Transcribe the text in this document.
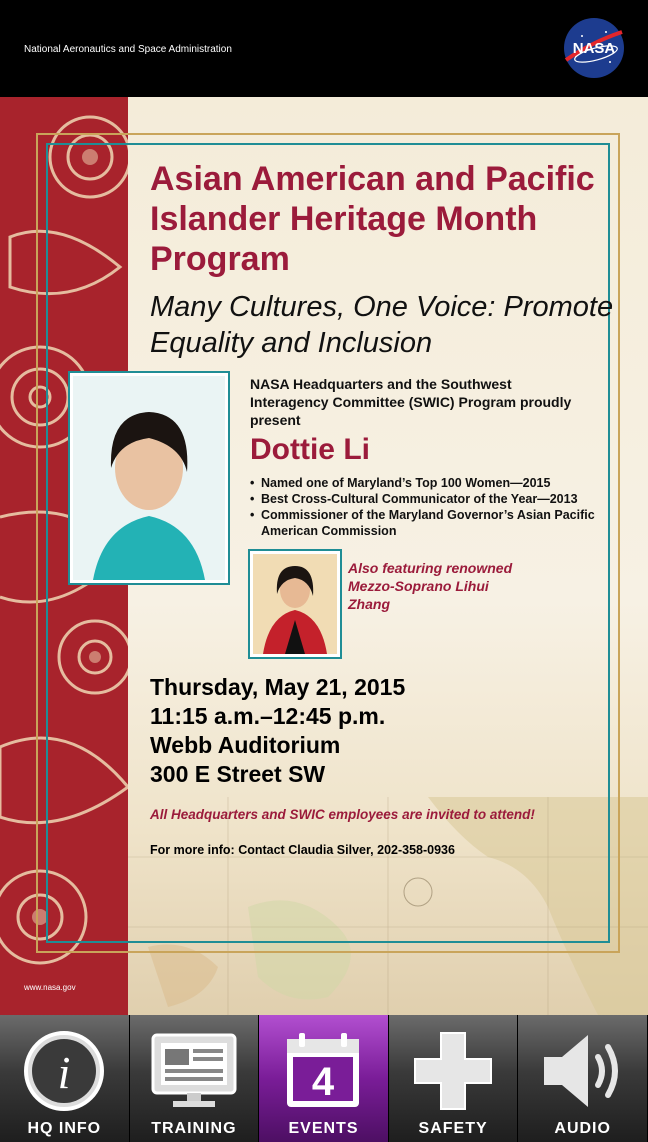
National Aeronautics and Space Administration	NASA
Asian American and Pacific Islander Heritage Month Program
Many Cultures, One Voice: Promote Equality and Inclusion
NASA Headquarters and the Southwest Interagency Committee (SWIC) Program proudly present
Dottie Li
• Named one of Maryland’s Top 100 Women—2015
• Best Cross-Cultural Communicator of the Year—2013
• Commissioner of the Maryland Governor’s Asian Pacific American Commission
Also featuring renowned Mezzo-Soprano Lihui Zhang
Thursday, May 21, 2015
11:15 a.m.–12:45 p.m.
Webb Auditorium
300 E Street SW
All Headquarters and SWIC employees are invited to attend!
For more info: Contact Claudia Silver, 202-358-0936
www.nasa.gov
i
HQ INFO	TRAINING
4
EVENTS	SAFETY	AUDIO
